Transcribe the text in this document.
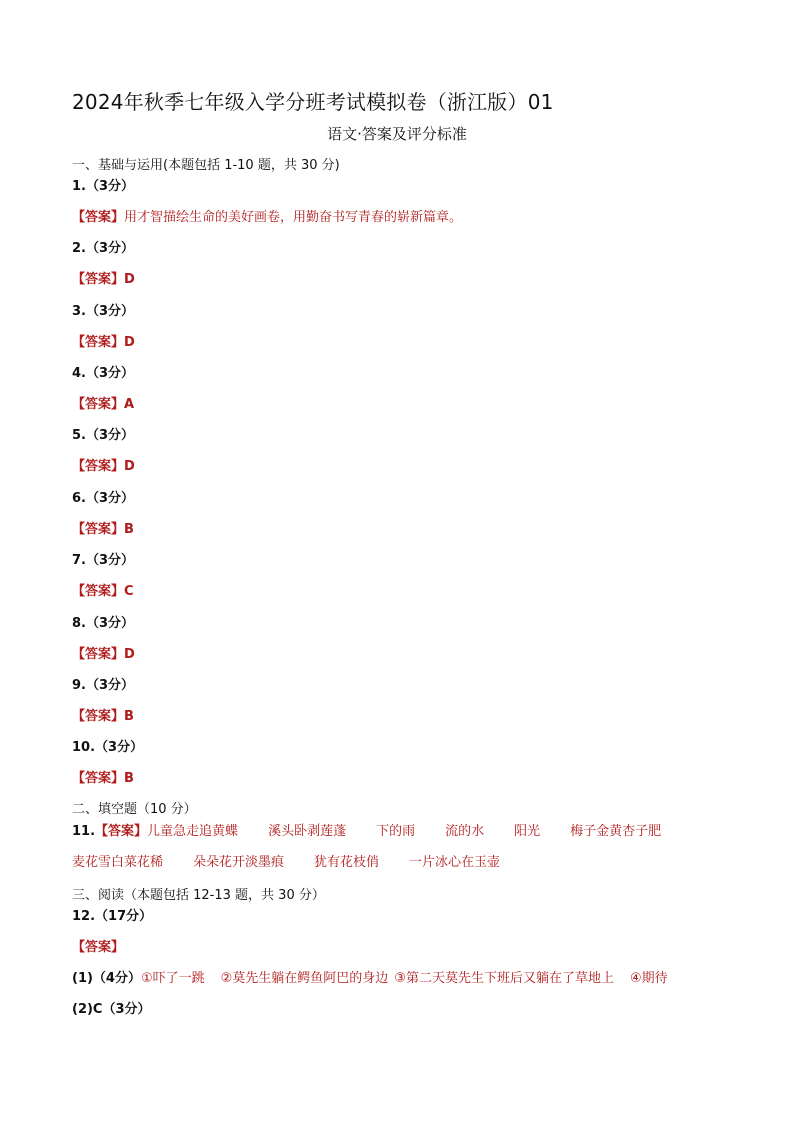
2024年秋季七年级入学分班考试模拟卷（浙江版）01
语文·答案及评分标准
一、基础与运用(本题包括 1-10 题，共 30 分)
1.（3分）
【答案】用才智描绘生命的美好画卷，用勤奋书写青春的崭新篇章。
2.（3分）
【答案】D
3.（3分）
【答案】D
4.（3分）
【答案】A
5.（3分）
【答案】D
6.（3分）
【答案】B
7.（3分）
【答案】C
8.（3分）
【答案】D
9.（3分）
【答案】B
10.（3分）
【答案】B
二、填空题（10 分）
11.【答案】儿童急走追黄蝶 溪头卧剥莲蓬 下的雨 流的水 阳光 梅子金黄杏子肥
麦花雪白菜花稀 朵朵花开淡墨痕 犹有花枝俏 一片冰心在玉壶
三、阅读（本题包括 12-13 题，共 30 分）
12.（17分）
【答案】
(1)（4分）①吓了一跳 ②莫先生躺在鳄鱼阿巴的身边 ③第二天莫先生下班后又躺在了草地上 ④期待
(2)C（3分）
